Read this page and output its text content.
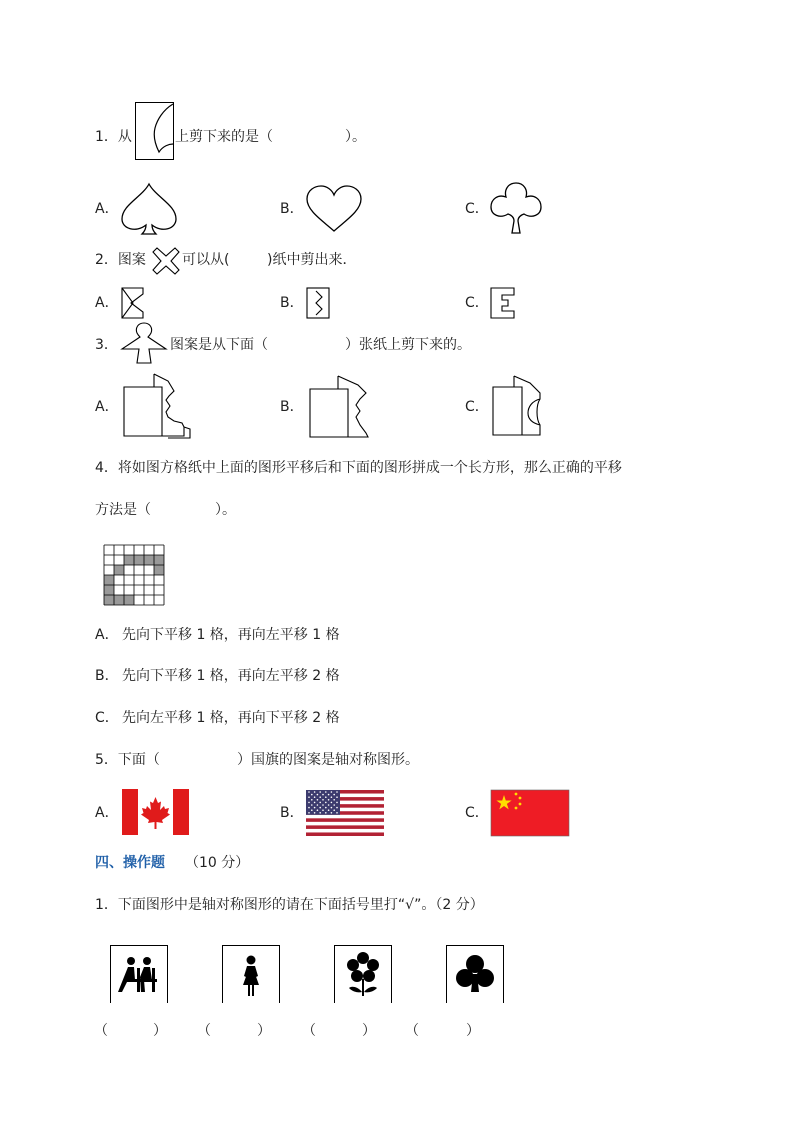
1．从	上剪下来的是（	）。
A．	B．	C．
2．图案	可以从(	)纸中剪出来．
A．	B．	C．
3．	图案是从下面（	）张纸上剪下来的。
A．	B．	C．
4．将如图方格纸中上面的图形平移后和下面的图形拼成一个长方形，那么正确的平移
方法是（	）。
A． 先向下平移 1 格，再向左平移 1 格
B． 先向下平移 1 格，再向左平移 2 格
C． 先向左平移 1 格，再向下平移 2 格
5．下面（	）国旗的图案是轴对称图形。
A．	B．	C．
四、操作题 （10 分）
1．下面图形中是轴对称图形的请在下面括号里打“√”。（2 分）
（	） （	） （	） （	）
